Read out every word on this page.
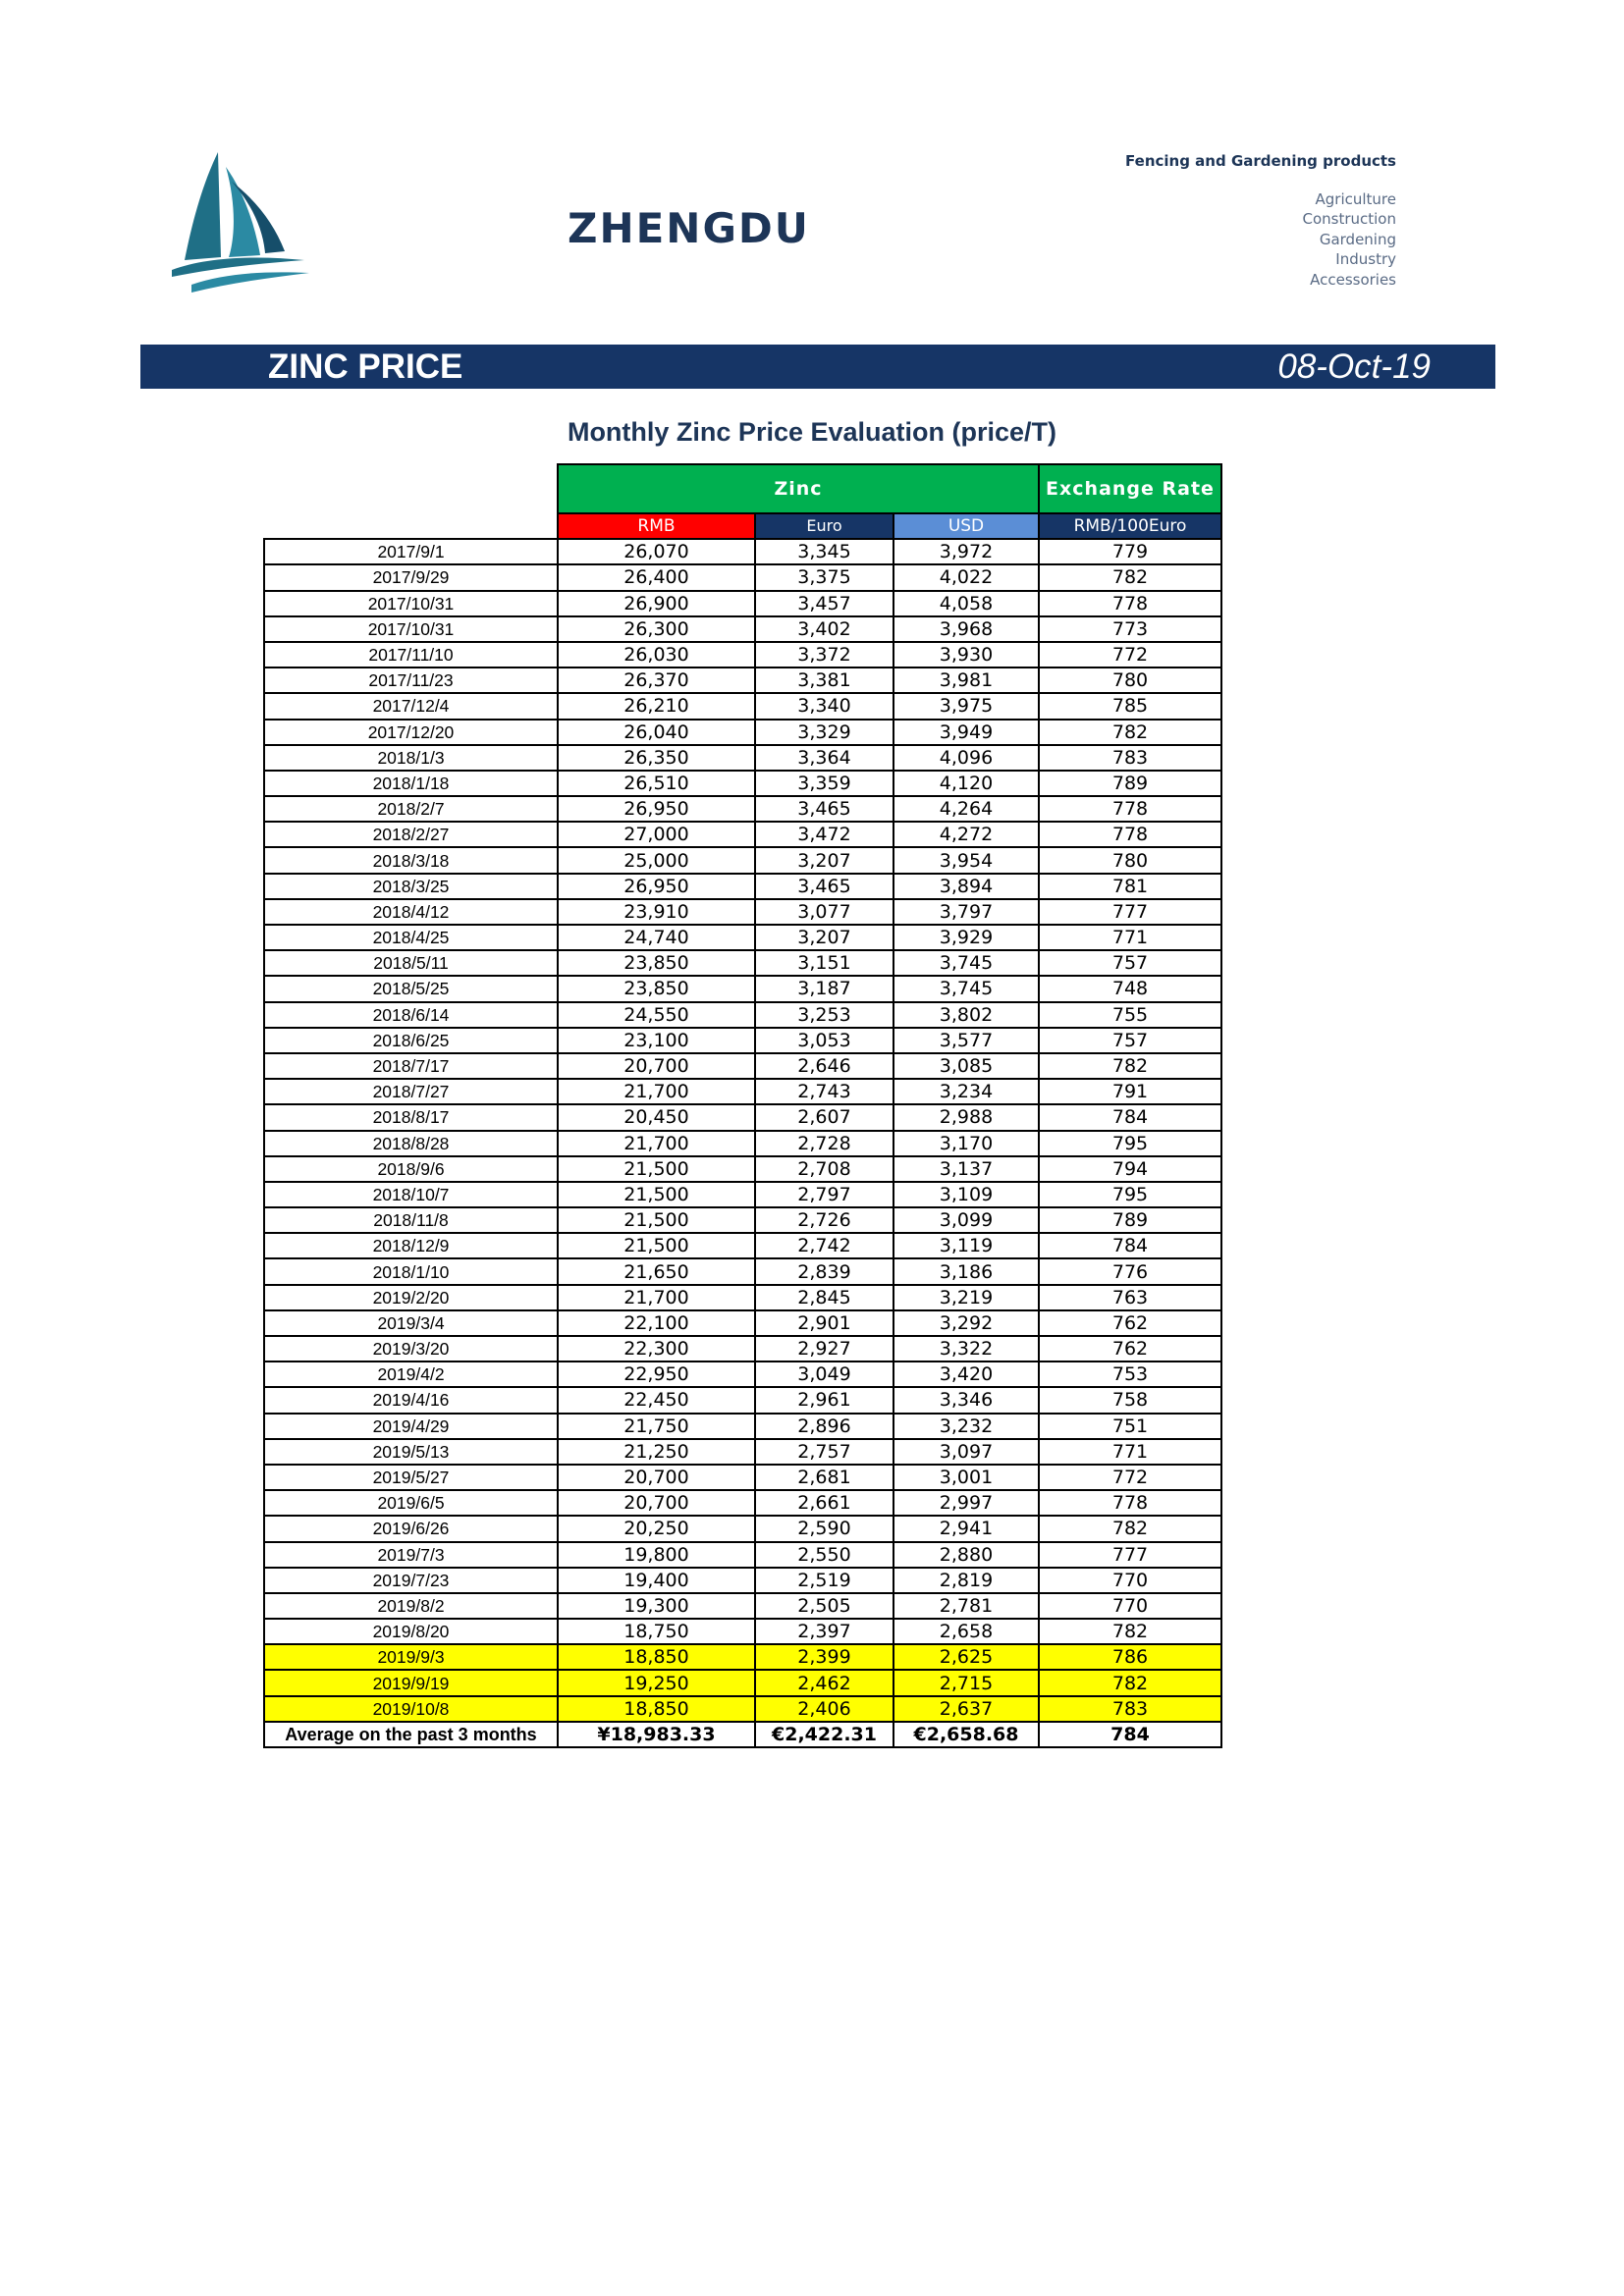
ZHENGDU
Fencing and Gardening products
Agriculture
Construction
Gardening
Industry
Accessories
ZINC PRICE	08-Oct-19
Monthly Zinc Price Evaluation (price/T)
	Zinc			Exchange Rate
	RMB	Euro	USD	RMB/100Euro
2017/9/1	26,070	3,345	3,972	779
2017/9/29	26,400	3,375	4,022	782
2017/10/31	26,900	3,457	4,058	778
2017/10/31	26,300	3,402	3,968	773
2017/11/10	26,030	3,372	3,930	772
2017/11/23	26,370	3,381	3,981	780
2017/12/4	26,210	3,340	3,975	785
2017/12/20	26,040	3,329	3,949	782
2018/1/3	26,350	3,364	4,096	783
2018/1/18	26,510	3,359	4,120	789
2018/2/7	26,950	3,465	4,264	778
2018/2/27	27,000	3,472	4,272	778
2018/3/18	25,000	3,207	3,954	780
2018/3/25	26,950	3,465	3,894	781
2018/4/12	23,910	3,077	3,797	777
2018/4/25	24,740	3,207	3,929	771
2018/5/11	23,850	3,151	3,745	757
2018/5/25	23,850	3,187	3,745	748
2018/6/14	24,550	3,253	3,802	755
2018/6/25	23,100	3,053	3,577	757
2018/7/17	20,700	2,646	3,085	782
2018/7/27	21,700	2,743	3,234	791
2018/8/17	20,450	2,607	2,988	784
2018/8/28	21,700	2,728	3,170	795
2018/9/6	21,500	2,708	3,137	794
2018/10/7	21,500	2,797	3,109	795
2018/11/8	21,500	2,726	3,099	789
2018/12/9	21,500	2,742	3,119	784
2018/1/10	21,650	2,839	3,186	776
2019/2/20	21,700	2,845	3,219	763
2019/3/4	22,100	2,901	3,292	762
2019/3/20	22,300	2,927	3,322	762
2019/4/2	22,950	3,049	3,420	753
2019/4/16	22,450	2,961	3,346	758
2019/4/29	21,750	2,896	3,232	751
2019/5/13	21,250	2,757	3,097	771
2019/5/27	20,700	2,681	3,001	772
2019/6/5	20,700	2,661	2,997	778
2019/6/26	20,250	2,590	2,941	782
2019/7/3	19,800	2,550	2,880	777
2019/7/23	19,400	2,519	2,819	770
2019/8/2	19,300	2,505	2,781	770
2019/8/20	18,750	2,397	2,658	782
2019/9/3	18,850	2,399	2,625	786
2019/9/19	19,250	2,462	2,715	782
2019/10/8	18,850	2,406	2,637	783
Average on the past 3 months	¥18,983.33	€2,422.31	€2,658.68	784
